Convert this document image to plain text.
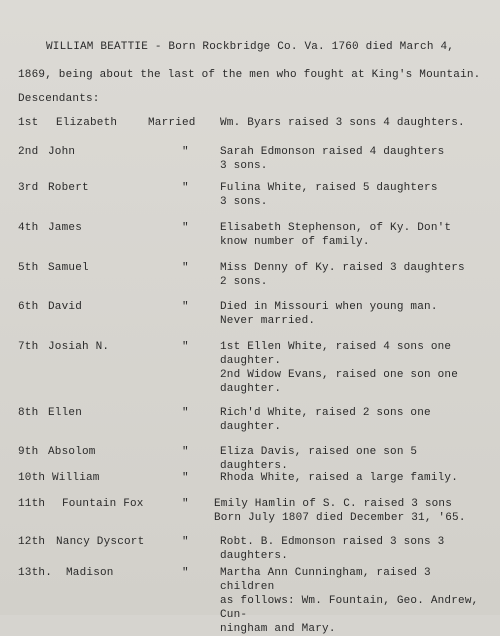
WILLIAM BEATTIE - Born Rockbridge Co. Va. 1760 died March 4,
1869, being about the last of the men who fought at King's Mountain.
Descendants:
1st Elizabeth	Married Wm. Byars raised 3 sons 4 daughters.
2nd John	"	Sarah Edmonson raised 4 daughters
3 sons.
3rd Robert	"	Fulina White, raised 5 daughters
3 sons.
4th James	"	Elisabeth Stephenson, of Ky. Don't
know number of family.
5th Samuel	"	Miss Denny of Ky. raised 3 daughters
2 sons.
6th David	"	Died in Missouri when young man.
Never married.
7th Josiah N.	"	1st Ellen White, raised 4 sons one
daughter.
2nd Widow Evans, raised one son one
daughter.
8th Ellen	"	Rich'd White, raised 2 sons one
daughter.
9th Absolom	"	Eliza Davis, raised one son 5 daughters.
10th William	"	Rhoda White, raised a large family.
11th Fountain Fox	" Emily Hamlin of S. C. raised 3 sons
Born July 1807 died December 31, '65.
12th Nancy Dyscort	"	Robt. B. Edmonson raised 3 sons 3
daughters.
13th. Madison	"	Martha Ann Cunningham, raised 3 children
as follows: Wm. Fountain, Geo. Andrew, Cun-
ningham and Mary.
